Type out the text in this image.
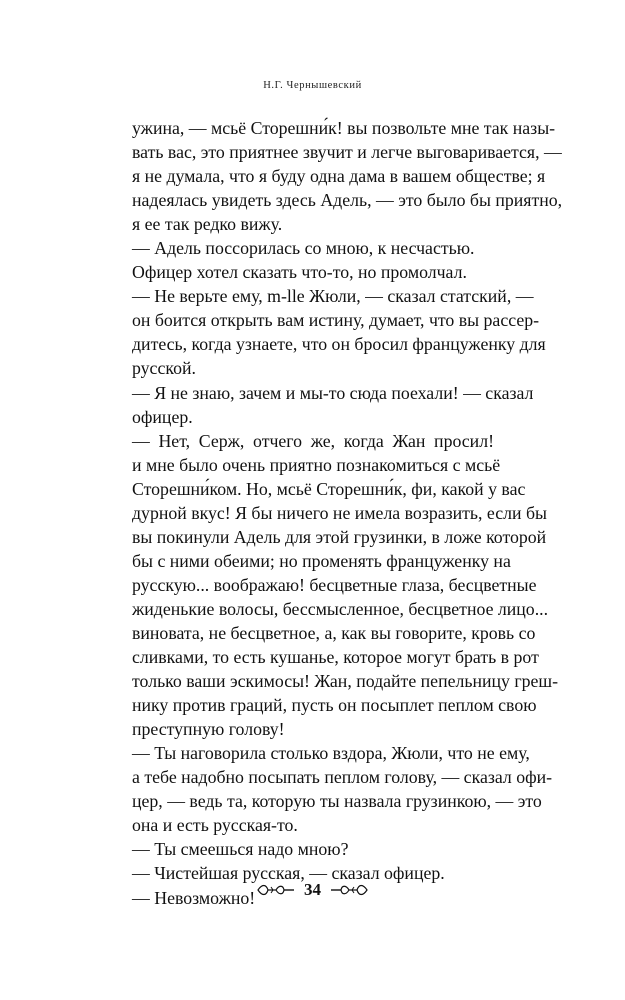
Н.Г. Чернышевский
ужина, — мсьё Сторешни́к! вы позвольте мне так назы-
вать вас, это приятнее звучит и легче выговаривается, —
я не думала, что я буду одна дама в вашем обществе; я
надеялась увидеть здесь Адель, — это было бы приятно,
я ее так редко вижу.
— Адель поссорилась со мною, к несчастью.
Офицер хотел сказать что-то, но промолчал.
— Не верьте ему, m-lle Жюли, — сказал статский, —
он боится открыть вам истину, думает, что вы рассер-
дитесь, когда узнаете, что он бросил француженку для
русской.
— Я не знаю, зачем и мы-то сюда поехали! — сказал
офицер.
— Нет, Серж, отчего же, когда Жан просил!
и мне было очень приятно познакомиться с мсьё
Сторешни́ком. Но, мсьё Сторешни́к, фи, какой у вас
дурной вкус! Я бы ничего не имела возразить, если бы
вы покинули Адель для этой грузинки, в ложе которой
бы с ними обеими; но променять француженку на
русскую... воображаю! бесцветные глаза, бесцветные
жиденькие волосы, бессмысленное, бесцветное лицо...
виновата, не бесцветное, а, как вы говорите, кровь со
сливками, то есть кушанье, которое могут брать в рот
только ваши эскимосы! Жан, подайте пепельницу греш-
нику против граций, пусть он посыплет пеплом свою
преступную голову!
— Ты наговорила столько вздора, Жюли, что не ему,
а тебе надобно посыпать пеплом голову, — сказал офи-
цер, — ведь та, которую ты назвала грузинкою, — это
она и есть русская-то.
— Ты смеешься надо мною?
— Чистейшая русская, — сказал офицер.
— Невозможно!	34
